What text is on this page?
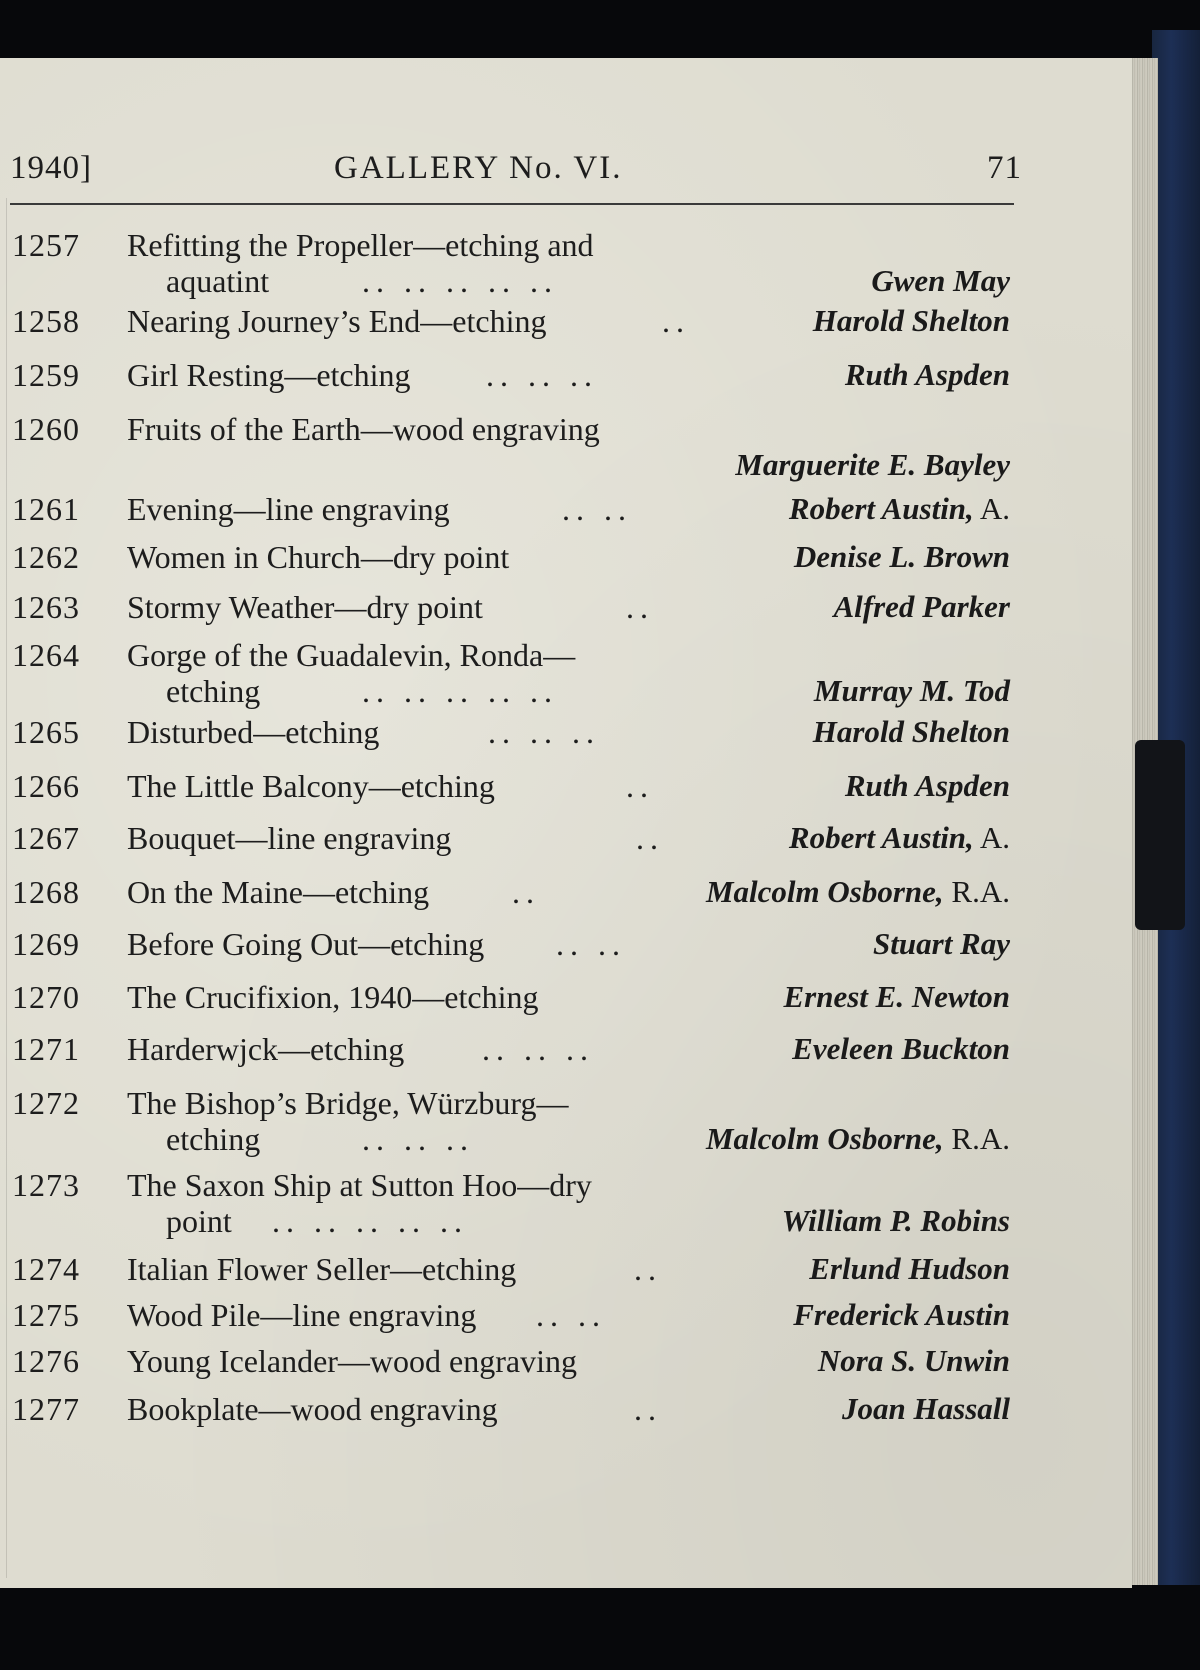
1940]	GALLERY No. VI.	71
1257 Refitting the Propeller—etching and
aquatint	.. .. .. .. ..	Gwen May
1258 Nearing Journey’s End—etching	..	Harold Shelton
1259 Girl Resting—etching .. .. ..	Ruth Aspden
1260 Fruits of the Earth—wood engraving
Marguerite E. Bayley
1261 Evening—line engraving	.. ..	Robert Austin, A.
1262 Women in Church—dry point	Denise L. Brown
1263 Stormy Weather—dry point	..	Alfred Parker
1264 Gorge of the Guadalevin, Ronda—
etching	.. .. .. .. ..	Murray M. Tod
1265 Disturbed—etching	.. .. ..	Harold Shelton
1266 The Little Balcony—etching	..	Ruth Aspden
1267 Bouquet—line engraving	..	Robert Austin, A.
1268 On the Maine—etching	..	Malcolm Osborne, R.A.
1269 Before Going Out—etching .. ..	Stuart Ray
1270 The Crucifixion, 1940—etching	Ernest E. Newton
1271 Harderwjck—etching .. .. ..	Eveleen Buckton
1272 The Bishop’s Bridge, Würzburg—
etching	.. .. ..	Malcolm Osborne, R.A.
1273 The Saxon Ship at Sutton Hoo—dry
point .. .. .. .. ..	William P. Robins
1274 Italian Flower Seller—etching	..	Erlund Hudson
1275 Wood Pile—line engraving .. ..	Frederick Austin
1276 Young Icelander—wood engraving	Nora S. Unwin
1277 Bookplate—wood engraving	..	Joan Hassall
